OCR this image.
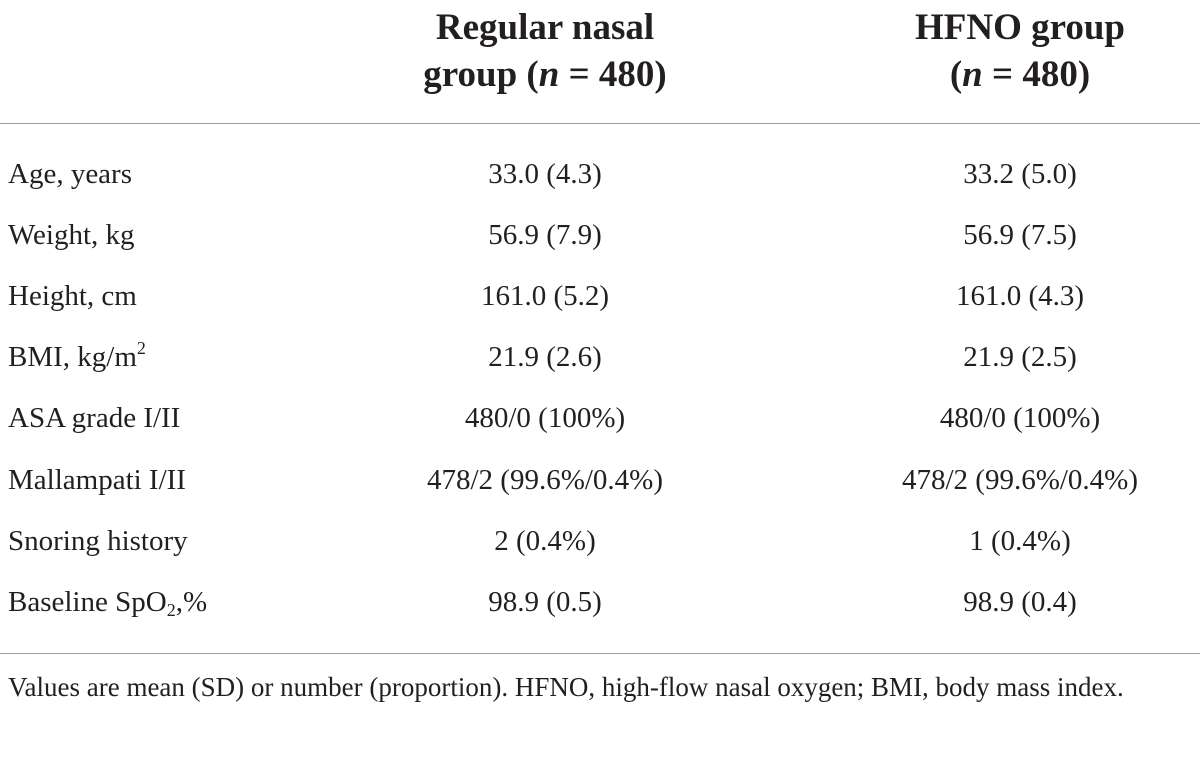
Regular nasal
group (n = 480)
HFNO group
(n = 480)
Age, years	33.0 (4.3)	33.2 (5.0)
Weight, kg	56.9 (7.9)	56.9 (7.5)
Height, cm	161.0 (5.2)	161.0 (4.3)
BMI, $kg/m^2$	21.9 (2.6)	21.9 (2.5)
ASA grade I/II	480/0 (100%)	480/0 (100%)
Mallampati I/II	478/2 (99.6%/0.4%)	478/2 (99.6%/0.4%)
Snoring history	2 (0.4%)	1 (0.4%)
Baseline SpO$_2$,%	98.9 (0.5)	98.9 (0.4)
Values are mean (SD) or number (proportion). HFNO, high-flow nasal oxygen; BMI, body mass index.
